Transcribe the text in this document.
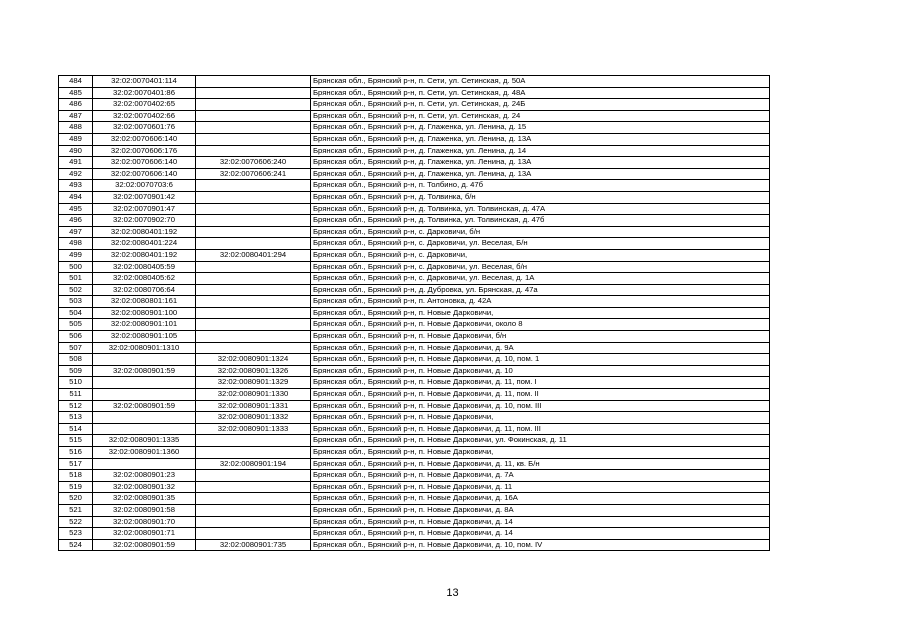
484	32:02:0070401:114		Брянская обл., Брянский р-н, п. Сети, ул. Сетинская, д. 50А
485	32:02:0070401:86		Брянская обл., Брянский р-н, п. Сети, ул. Сетинская, д. 48А
486	32:02:0070402:65		Брянская обл., Брянский р-н, п. Сети, ул. Сетинская, д. 24Б
487	32:02:0070402:66		Брянская обл., Брянский р-н, п. Сети, ул. Сетинская, д. 24
488	32:02:0070601:76		Брянская обл., Брянский р-н, д. Глаженка, ул. Ленина, д. 15
489	32:02:0070606:140		Брянская обл., Брянский р-н, д. Глаженка, ул. Ленина, д. 13А
490	32:02:0070606:176		Брянская обл., Брянский р-н, д. Глаженка, ул. Ленина, д. 14
491	32:02:0070606:140	32:02:0070606:240	Брянская обл., Брянский р-н, д. Глаженка, ул. Ленина, д. 13А
492	32:02:0070606:140	32:02:0070606:241	Брянская обл., Брянский р-н, д. Глаженка, ул. Ленина, д. 13А
493	32:02:0070703:6		Брянская обл., Брянский р-н, п. Толбино, д. 47б
494	32:02:0070901:42		Брянская обл., Брянский р-н, д. Толвинка, б/н
495	32:02:0070901:47		Брянская обл., Брянский р-н, д. Толвинка, ул. Толвинская, д. 47А
496	32:02:0070902:70		Брянская обл., Брянский р-н, д. Толвинка, ул. Толвинская, д. 47б
497	32:02:0080401:192		Брянская обл., Брянский р-н, с. Дарковичи, б/н
498	32:02:0080401:224		Брянская обл., Брянский р-н, с. Дарковичи, ул. Веселая, Б/н
499	32:02:0080401:192	32:02:0080401:294	Брянская обл., Брянский р-н, с. Дарковичи,
500	32:02:0080405:59		Брянская обл., Брянский р-н, с. Дарковичи, ул. Веселая, б/н
501	32:02:0080405:62		Брянская обл., Брянский р-н, с. Дарковичи, ул. Веселая, д. 1А
502	32:02:0080706:64		Брянская обл., Брянский р-н, д. Дубровка, ул. Брянская, д. 47а
503	32:02:0080801:161		Брянская обл., Брянский р-н, п. Антоновка, д. 42А
504	32:02:0080901:100		Брянская обл., Брянский р-н, п. Новые Дарковичи,
505	32:02:0080901:101		Брянская обл., Брянский р-н, п. Новые Дарковичи, около 8
506	32:02:0080901:105		Брянская обл., Брянский р-н, п. Новые Дарковичи, б/н
507	32:02:0080901:1310		Брянская обл., Брянский р-н, п. Новые Дарковичи, д. 9А
508		32:02:0080901:1324	Брянская обл., Брянский р-н, п. Новые Дарковичи, д. 10, пом. 1
509	32:02:0080901:59	32:02:0080901:1326	Брянская обл., Брянский р-н, п. Новые Дарковичи, д. 10
510		32:02:0080901:1329	Брянская обл., Брянский р-н, п. Новые Дарковичи, д. 11, пом. I
511		32:02:0080901:1330	Брянская обл., Брянский р-н, п. Новые Дарковичи, д. 11, пом. II
512	32:02:0080901:59	32:02:0080901:1331	Брянская обл., Брянский р-н, п. Новые Дарковичи, д. 10, пом. III
513		32:02:0080901:1332	Брянская обл., Брянский р-н, п. Новые Дарковичи,
514		32:02:0080901:1333	Брянская обл., Брянский р-н, п. Новые Дарковичи, д. 11, пом. III
515	32:02:0080901:1335		Брянская обл., Брянский р-н, п. Новые Дарковичи, ул. Фокинская, д. 11
516	32:02:0080901:1360		Брянская обл., Брянский р-н, п. Новые Дарковичи,
517		32:02:0080901:194	Брянская обл., Брянский р-н, п. Новые Дарковичи, д. 11, кв. Б/н
518	32:02:0080901:23		Брянская обл., Брянский р-н, п. Новые Дарковичи, д. 7А
519	32:02:0080901:32		Брянская обл., Брянский р-н, п. Новые Дарковичи, д. 11
520	32:02:0080901:35		Брянская обл., Брянский р-н, п. Новые Дарковичи, д. 16А
521	32:02:0080901:58		Брянская обл., Брянский р-н, п. Новые Дарковичи, д. 8А
522	32:02:0080901:70		Брянская обл., Брянский р-н, п. Новые Дарковичи, д. 14
523	32:02:0080901:71		Брянская обл., Брянский р-н, п. Новые Дарковичи, д. 14
524	32:02:0080901:59	32:02:0080901:735	Брянская обл., Брянский р-н, п. Новые Дарковичи, д. 10, пом. IV
13
